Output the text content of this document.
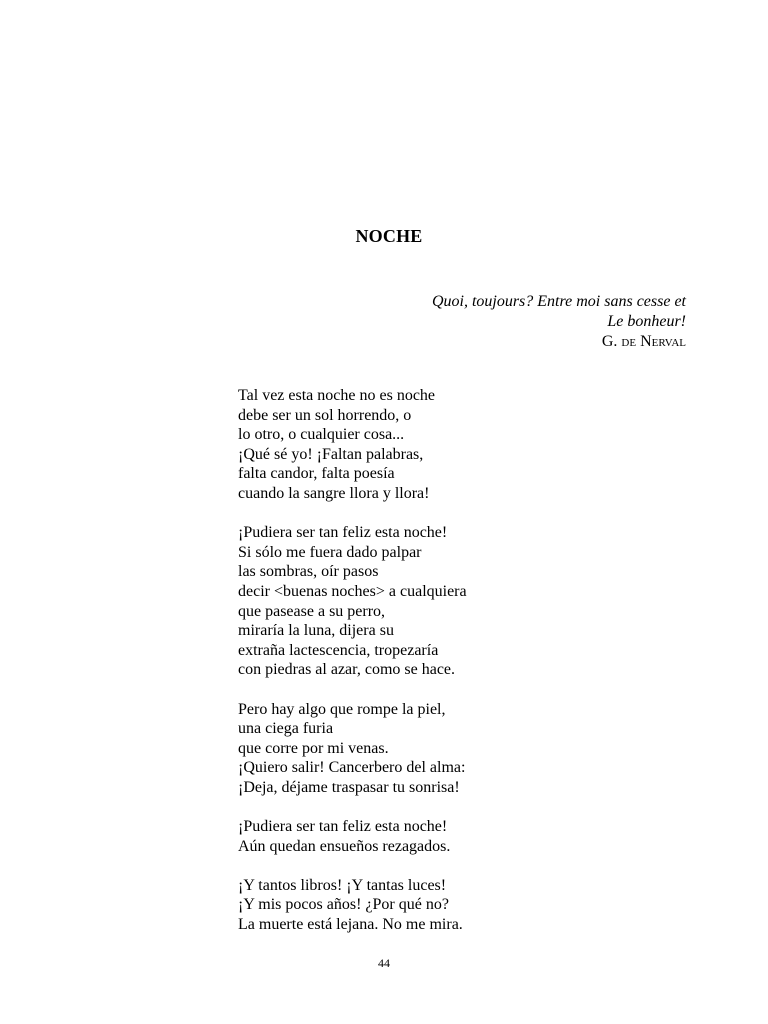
NOCHE
Quoi, toujours? Entre moi sans cesse et
Le bonheur!
G. de Nerval
Tal vez esta noche no es noche
debe ser un sol horrendo, o
lo otro, o cualquier cosa...
¡Qué sé yo! ¡Faltan palabras,
falta candor, falta poesía
cuando la sangre llora y llora!
¡Pudiera ser tan feliz esta noche!
Si sólo me fuera dado palpar
las sombras, oír pasos
decir <buenas noches> a cualquiera
que pasease a su perro,
miraría la luna, dijera su
extraña lactescencia, tropezaría
con piedras al azar, como se hace.
Pero hay algo que rompe la piel,
una ciega furia
que corre por mi venas.
¡Quiero salir! Cancerbero del alma:
¡Deja, déjame traspasar tu sonrisa!
¡Pudiera ser tan feliz esta noche!
Aún quedan ensueños rezagados.
¡Y tantos libros! ¡Y tantas luces!
¡Y mis pocos años! ¿Por qué no?
La muerte está lejana. No me mira.
44
